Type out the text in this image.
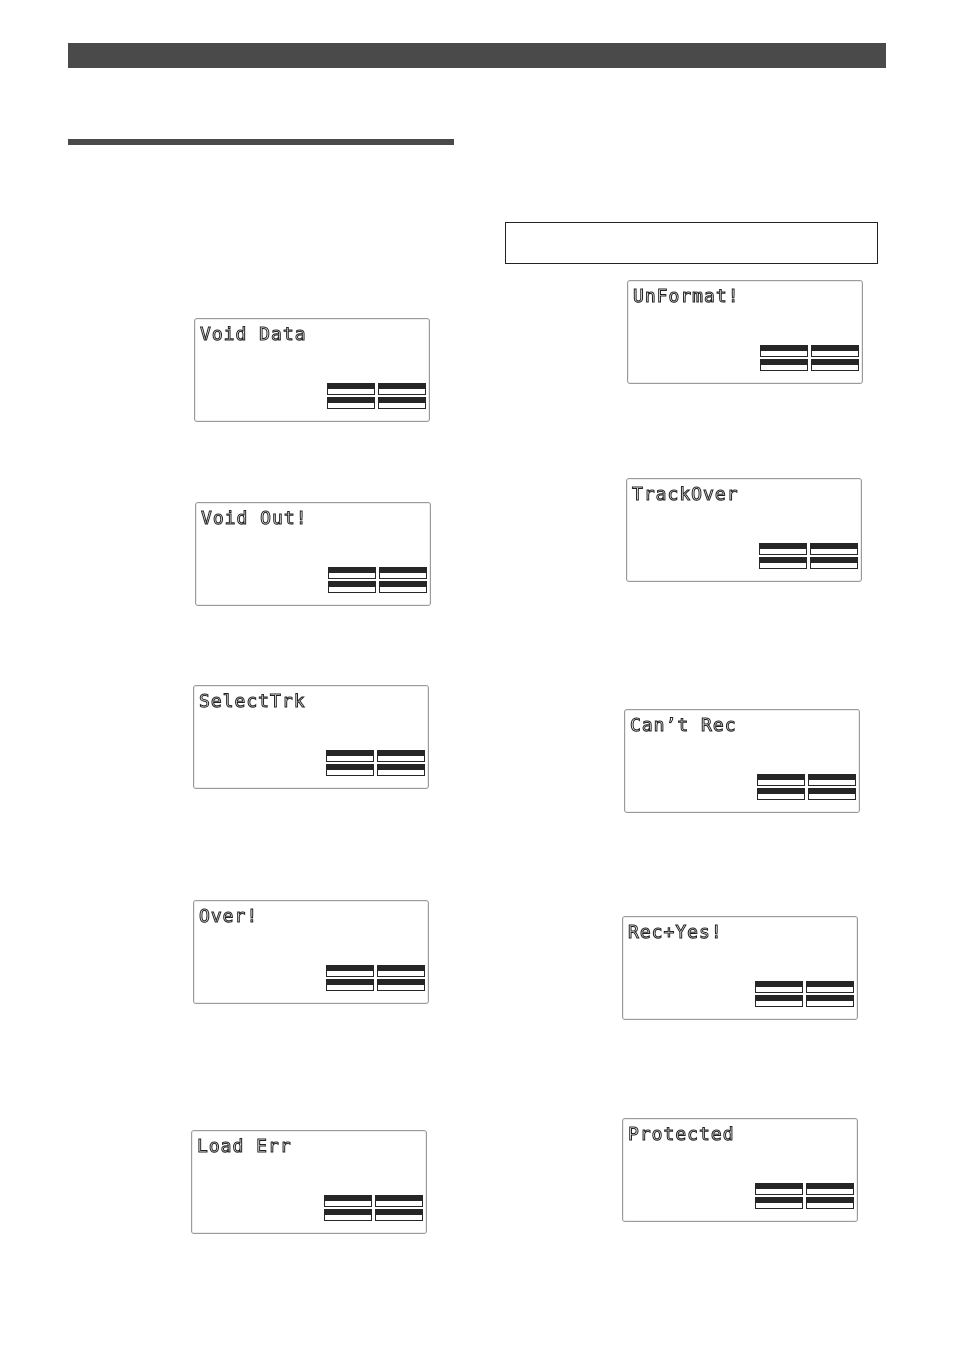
Void Data
Void Out!
SelectTrk
Over!
Load Err
UnFormat!
TrackOver
Can’t Rec
Rec+Yes!
Protected
